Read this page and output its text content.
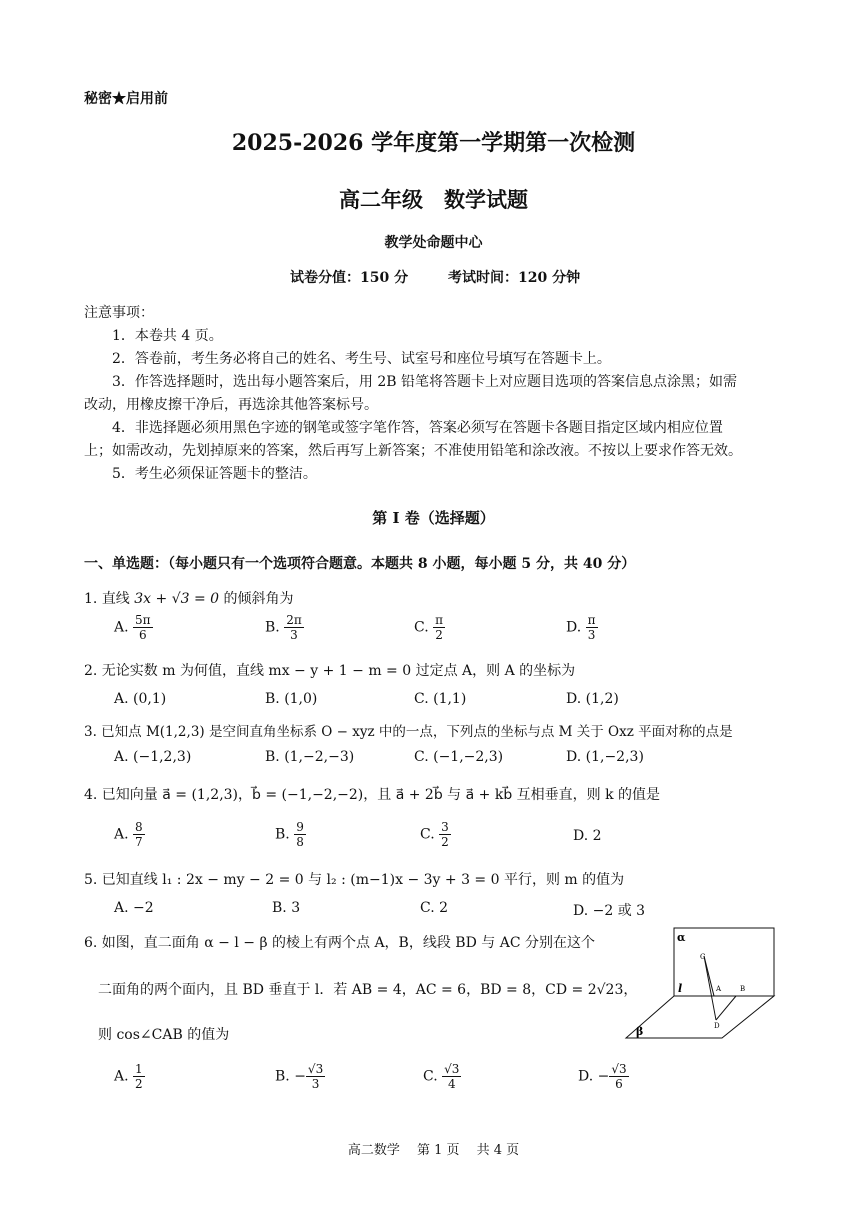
秘密★启用前
2025-2026 学年度第一学期第一次检测
高二年级　数学试题
教学处命题中心
试卷分值：150 分	考试时间：120 分钟
注意事项：
1．本卷共 4 页。
2．答卷前，考生务必将自己的姓名、考生号、试室号和座位号填写在答题卡上。
3．作答选择题时，选出每小题答案后，用 2B 铅笔将答题卡上对应题目选项的答案信息点涂黑；如需
改动，用橡皮擦干净后，再选涂其他答案标号。
4．非选择题必须用黑色字迹的钢笔或签字笔作答，答案必须写在答题卡各题目指定区域内相应位置
上；如需改动，先划掉原来的答案，然后再写上新答案；不准使用铅笔和涂改液。不按以上要求作答无效。
5．考生必须保证答题卡的整洁。
第 I 卷（选择题）
一、单选题：（每小题只有一个选项符合题意。本题共 8 小题，每小题 5 分，共 40 分）
1. 直线 3x + √3 = 0 的倾斜角为
A. $\frac{5\pi}{6}$	B. $\frac{2\pi}{3}$	C. $\frac{\pi}{2}$	D. $\frac{\pi}{3}$
2. 无论实数 m 为何值，直线 mx − y + 1 − m = 0 过定点 A，则 A 的坐标为
A. (0,1)	B. (1,0)	C. (1,1)	D. (1,2)
3. 已知点 M(1,2,3) 是空间直角坐标系 O − xyz 中的一点，下列点的坐标与点 M 关于 Oxz 平面对称的点是
A. (−1,2,3)	B. (1,−2,−3)	C. (−1,−2,3)	D. (1,−2,3)
4. 已知向量 a⃗ = (1,2,3)，b⃗ = (−1,−2,−2)，且 a⃗ + 2b⃗ 与 a⃗ + kb⃗ 互相垂直，则 k 的值是
A. $\frac{8}{7}$	B. $\frac{9}{8}$	C. $\frac{3}{2}$	D. 2
5. 已知直线 l₁ : 2x − my − 2 = 0 与 l₂ : (m−1)x − 3y + 3 = 0 平行，则 m 的值为
A. −2	B. 3	C. 2	D. −2 或 3
6. 如图，直二面角 α − l − β 的棱上有两个点 A，B，线段 BD 与 AC 分别在这个
二面角的两个面内，且 BD 垂直于 l．若 AB = 4，AC = 6，BD = 8，CD = 2√23，
则 cos∠CAB 的值为
A. $\frac{1}{2}$	B. − $\frac{√3}{3}$	C. $\frac{√3}{4}$	D. − $\frac{√3}{6}$
α
β
l
C
A	B
D
高二数学　 第 1 页　 共 4 页
